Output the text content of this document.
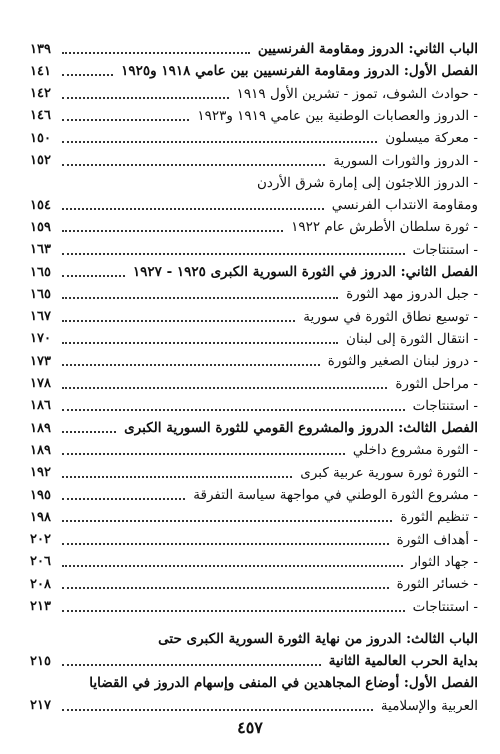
الباب الثاني: الدروز ومقاومة الفرنسيين
١٣٩
الفصل الأول: الدروز ومقاومة الفرنسيين بين عامي ١٩١٨ و١٩٢٥
١٤١
- حوادث الشوف، تموز - تشرين الأول ١٩١٩
١٤٢
- الدروز والعصابات الوطنية بين عامي ١٩١٩ و١٩٢٣
١٤٦
- معركة ميسلون
١٥٠
- الدروز والثورات السورية
١٥٢
- الدروز اللاجئون إلى إمارة شرق الأردن
ومقاومة الانتداب الفرنسي
١٥٤
- ثورة سلطان الأطرش عام ١٩٢٢
١٥٩
- استنتاجات
١٦٣
الفصل الثاني: الدروز في الثورة السورية الكبرى ١٩٢٥ - ١٩٢٧
١٦٥
- جبل الدروز مهد الثورة
١٦٥
- توسيع نطاق الثورة في سورية
١٦٧
- انتقال الثورة إلى لبنان
١٧٠
- دروز لبنان الصغير والثورة
١٧٣
- مراحل الثورة
١٧٨
- استنتاجات
١٨٦
الفصل الثالث: الدروز والمشروع القومي للثورة السورية الكبرى
١٨٩
- الثورة مشروع داخلي
١٨٩
- الثورة ثورة سورية عربية كبرى
١٩٢
- مشروع الثورة الوطني في مواجهة سياسة التفرقة
١٩٥
- تنظيم الثورة
١٩٨
- أهداف الثورة
٢٠٢
- جهاد الثوار
٢٠٦
- خسائر الثورة
٢٠٨
- استنتاجات
٢١٣
الباب الثالث: الدروز من نهاية الثورة السورية الكبرى حتى
بداية الحرب العالمية الثانية
٢١٥
الفصل الأول: أوضاع المجاهدين في المنفى وإسهام الدروز في القضايا
العربية والإسلامية
٢١٧
٤٥٧
